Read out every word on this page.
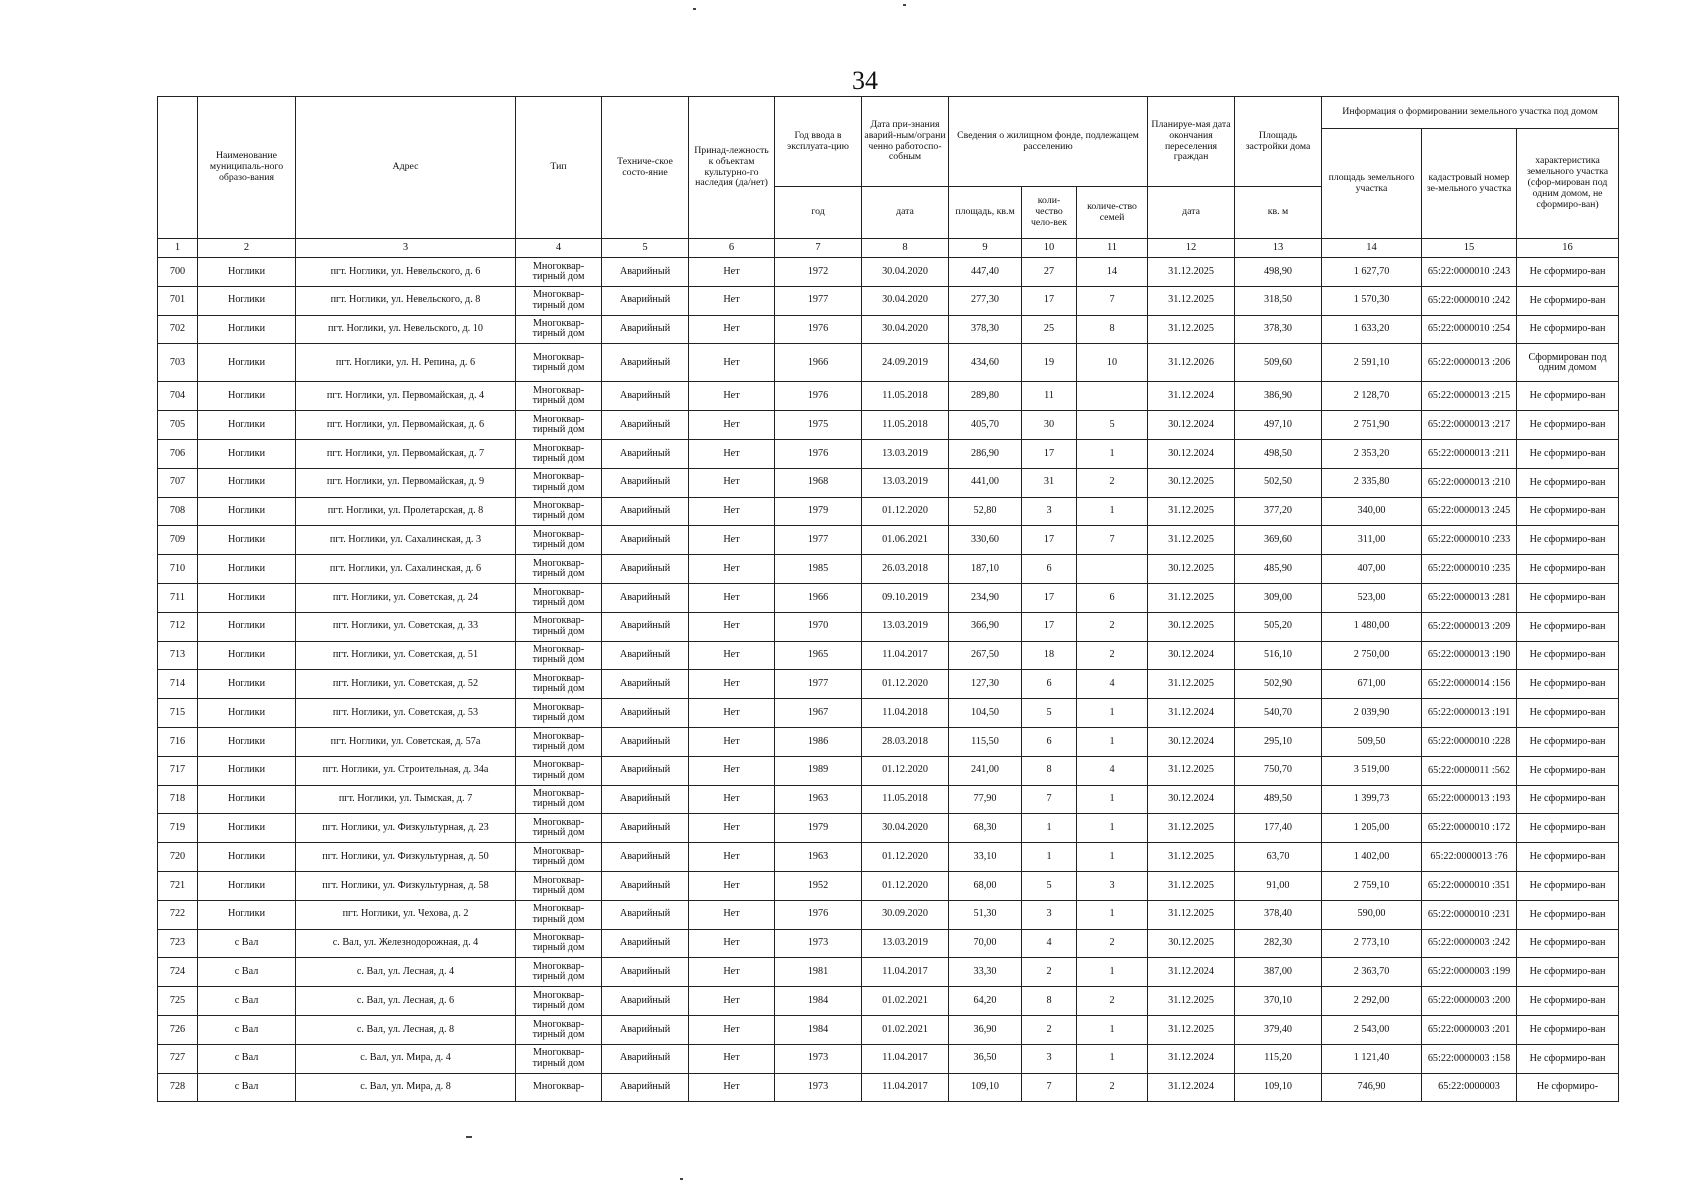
34
	Наименование муниципаль-ного образо-вания	Адрес	Тип	Техниче-ское состо-яние	Принад-лежность к объектам культурно-го наследия (да/нет)	Год ввода в эксплуата-цию	Дата при-знания аварий-ным/ограни ченно работоспо-собным	Сведения о жилищном фонде, подлежащем расселению			Планируе-мая дата окончания переселения граждан	Площадь застройки дома	Информация о формировании земельного участка под домом			
													площадь земельного участка	кадастровый номер зе-мельного участка	характеристика земельного участка (сфор-мирован под одним домом, не сформиро-ван)	
						год	дата	площадь, кв.м	коли-чество чело-век	количе-ство семей	дата	кв. м	
1	2	3	4	5	6	7	8	9	10	11	12	13	14	15	16	
700	Ноглики	пгт. Ноглики, ул. Невельского, д. 6	Многоквар-тирный дом	Аварийный	Нет	1972	30.04.2020	447,40	27	14	31.12.2025	498,90	1 627,70	65:22:0000010 :243	Не сформиро-ван	
701	Ноглики	пгт. Ноглики, ул. Невельского, д. 8	Многоквар-тирный дом	Аварийный	Нет	1977	30.04.2020	277,30	17	7	31.12.2025	318,50	1 570,30	65:22:0000010 :242	Не сформиро-ван	
702	Ноглики	пгт. Ноглики, ул. Невельского, д. 10	Многоквар-тирный дом	Аварийный	Нет	1976	30.04.2020	378,30	25	8	31.12.2025	378,30	1 633,20	65:22:0000010 :254	Не сформиро-ван	
703	Ноглики	пгт. Ноглики, ул. Н. Репина, д. 6	Многоквар-тирный дом	Аварийный	Нет	1966	24.09.2019	434,60	19	10	31.12.2026	509,60	2 591,10	65:22:0000013 :206	Сформирован под одним домом	
704	Ноглики	пгт. Ноглики, ул. Первомайская, д. 4	Многоквар-тирный дом	Аварийный	Нет	1976	11.05.2018	289,80	11		31.12.2024	386,90	2 128,70	65:22:0000013 :215	Не сформиро-ван	
705	Ноглики	пгт. Ноглики, ул. Первомайская, д. 6	Многоквар-тирный дом	Аварийный	Нет	1975	11.05.2018	405,70	30	5	30.12.2024	497,10	2 751,90	65:22:0000013 :217	Не сформиро-ван	
706	Ноглики	пгт. Ноглики, ул. Первомайская, д. 7	Многоквар-тирный дом	Аварийный	Нет	1976	13.03.2019	286,90	17	1	30.12.2024	498,50	2 353,20	65:22:0000013 :211	Не сформиро-ван	
707	Ноглики	пгт. Ноглики, ул. Первомайская, д. 9	Многоквар-тирный дом	Аварийный	Нет	1968	13.03.2019	441,00	31	2	30.12.2025	502,50	2 335,80	65:22:0000013 :210	Не сформиро-ван	
708	Ноглики	пгт. Ноглики, ул. Пролетарская, д. 8	Многоквар-тирный дом	Аварийный	Нет	1979	01.12.2020	52,80	3	1	31.12.2025	377,20	340,00	65:22:0000013 :245	Не сформиро-ван	
709	Ноглики	пгт. Ноглики, ул. Сахалинская, д. 3	Многоквар-тирный дом	Аварийный	Нет	1977	01.06.2021	330,60	17	7	31.12.2025	369,60	311,00	65:22:0000010 :233	Не сформиро-ван	
710	Ноглики	пгт. Ноглики, ул. Сахалинская, д. 6	Многоквар-тирный дом	Аварийный	Нет	1985	26.03.2018	187,10	6		30.12.2025	485,90	407,00	65:22:0000010 :235	Не сформиро-ван	
711	Ноглики	пгт. Ноглики, ул. Советская, д. 24	Многоквар-тирный дом	Аварийный	Нет	1966	09.10.2019	234,90	17	6	31.12.2025	309,00	523,00	65:22:0000013 :281	Не сформиро-ван	
712	Ноглики	пгт. Ноглики, ул. Советская, д. 33	Многоквар-тирный дом	Аварийный	Нет	1970	13.03.2019	366,90	17	2	30.12.2025	505,20	1 480,00	65:22:0000013 :209	Не сформиро-ван	
713	Ноглики	пгт. Ноглики, ул. Советская, д. 51	Многоквар-тирный дом	Аварийный	Нет	1965	11.04.2017	267,50	18	2	30.12.2024	516,10	2 750,00	65:22:0000013 :190	Не сформиро-ван	
714	Ноглики	пгт. Ноглики, ул. Советская, д. 52	Многоквар-тирный дом	Аварийный	Нет	1977	01.12.2020	127,30	6	4	31.12.2025	502,90	671,00	65:22:0000014 :156	Не сформиро-ван	
715	Ноглики	пгт. Ноглики, ул. Советская, д. 53	Многоквар-тирный дом	Аварийный	Нет	1967	11.04.2018	104,50	5	1	31.12.2024	540,70	2 039,90	65:22:0000013 :191	Не сформиро-ван	
716	Ноглики	пгт. Ноглики, ул. Советская, д. 57а	Многоквар-тирный дом	Аварийный	Нет	1986	28.03.2018	115,50	6	1	30.12.2024	295,10	509,50	65:22:0000010 :228	Не сформиро-ван	
717	Ноглики	пгт. Ноглики, ул. Строительная, д. 34а	Многоквар-тирный дом	Аварийный	Нет	1989	01.12.2020	241,00	8	4	31.12.2025	750,70	3 519,00	65:22:0000011 :562	Не сформиро-ван	
718	Ноглики	пгт. Ноглики, ул. Тымская, д. 7	Многоквар-тирный дом	Аварийный	Нет	1963	11.05.2018	77,90	7	1	30.12.2024	489,50	1 399,73	65:22:0000013 :193	Не сформиро-ван	
719	Ноглики	пгт. Ноглики, ул. Физкультурная, д. 23	Многоквар-тирный дом	Аварийный	Нет	1979	30.04.2020	68,30	1	1	31.12.2025	177,40	1 205,00	65:22:0000010 :172	Не сформиро-ван	
720	Ноглики	пгт. Ноглики, ул. Физкультурная, д. 50	Многоквар-тирный дом	Аварийный	Нет	1963	01.12.2020	33,10	1	1	31.12.2025	63,70	1 402,00	65:22:0000013 :76	Не сформиро-ван	
721	Ноглики	пгт. Ноглики, ул. Физкультурная, д. 58	Многоквар-тирный дом	Аварийный	Нет	1952	01.12.2020	68,00	5	3	31.12.2025	91,00	2 759,10	65:22:0000010 :351	Не сформиро-ван	
722	Ноглики	пгт. Ноглики, ул. Чехова, д. 2	Многоквар-тирный дом	Аварийный	Нет	1976	30.09.2020	51,30	3	1	31.12.2025	378,40	590,00	65:22:0000010 :231	Не сформиро-ван	
723	с Вал	с. Вал, ул. Железнодорожная, д. 4	Многоквар-тирный дом	Аварийный	Нет	1973	13.03.2019	70,00	4	2	30.12.2025	282,30	2 773,10	65:22:0000003 :242	Не сформиро-ван	
724	с Вал	с. Вал, ул. Лесная, д. 4	Многоквар-тирный дом	Аварийный	Нет	1981	11.04.2017	33,30	2	1	31.12.2024	387,00	2 363,70	65:22:0000003 :199	Не сформиро-ван	
725	с Вал	с. Вал, ул. Лесная, д. 6	Многоквар-тирный дом	Аварийный	Нет	1984	01.02.2021	64,20	8	2	31.12.2025	370,10	2 292,00	65:22:0000003 :200	Не сформиро-ван	
726	с Вал	с. Вал, ул. Лесная, д. 8	Многоквар-тирный дом	Аварийный	Нет	1984	01.02.2021	36,90	2	1	31.12.2025	379,40	2 543,00	65:22:0000003 :201	Не сформиро-ван	
727	с Вал	с. Вал, ул. Мира, д. 4	Многоквар-тирный дом	Аварийный	Нет	1973	11.04.2017	36,50	3	1	31.12.2024	115,20	1 121,40	65:22:0000003 :158	Не сформиро-ван	
728	с Вал	с. Вал, ул. Мира, д. 8	Многоквар-	Аварийный	Нет	1973	11.04.2017	109,10	7	2	31.12.2024	109,10	746,90	65:22:0000003	Не сформиро-	
